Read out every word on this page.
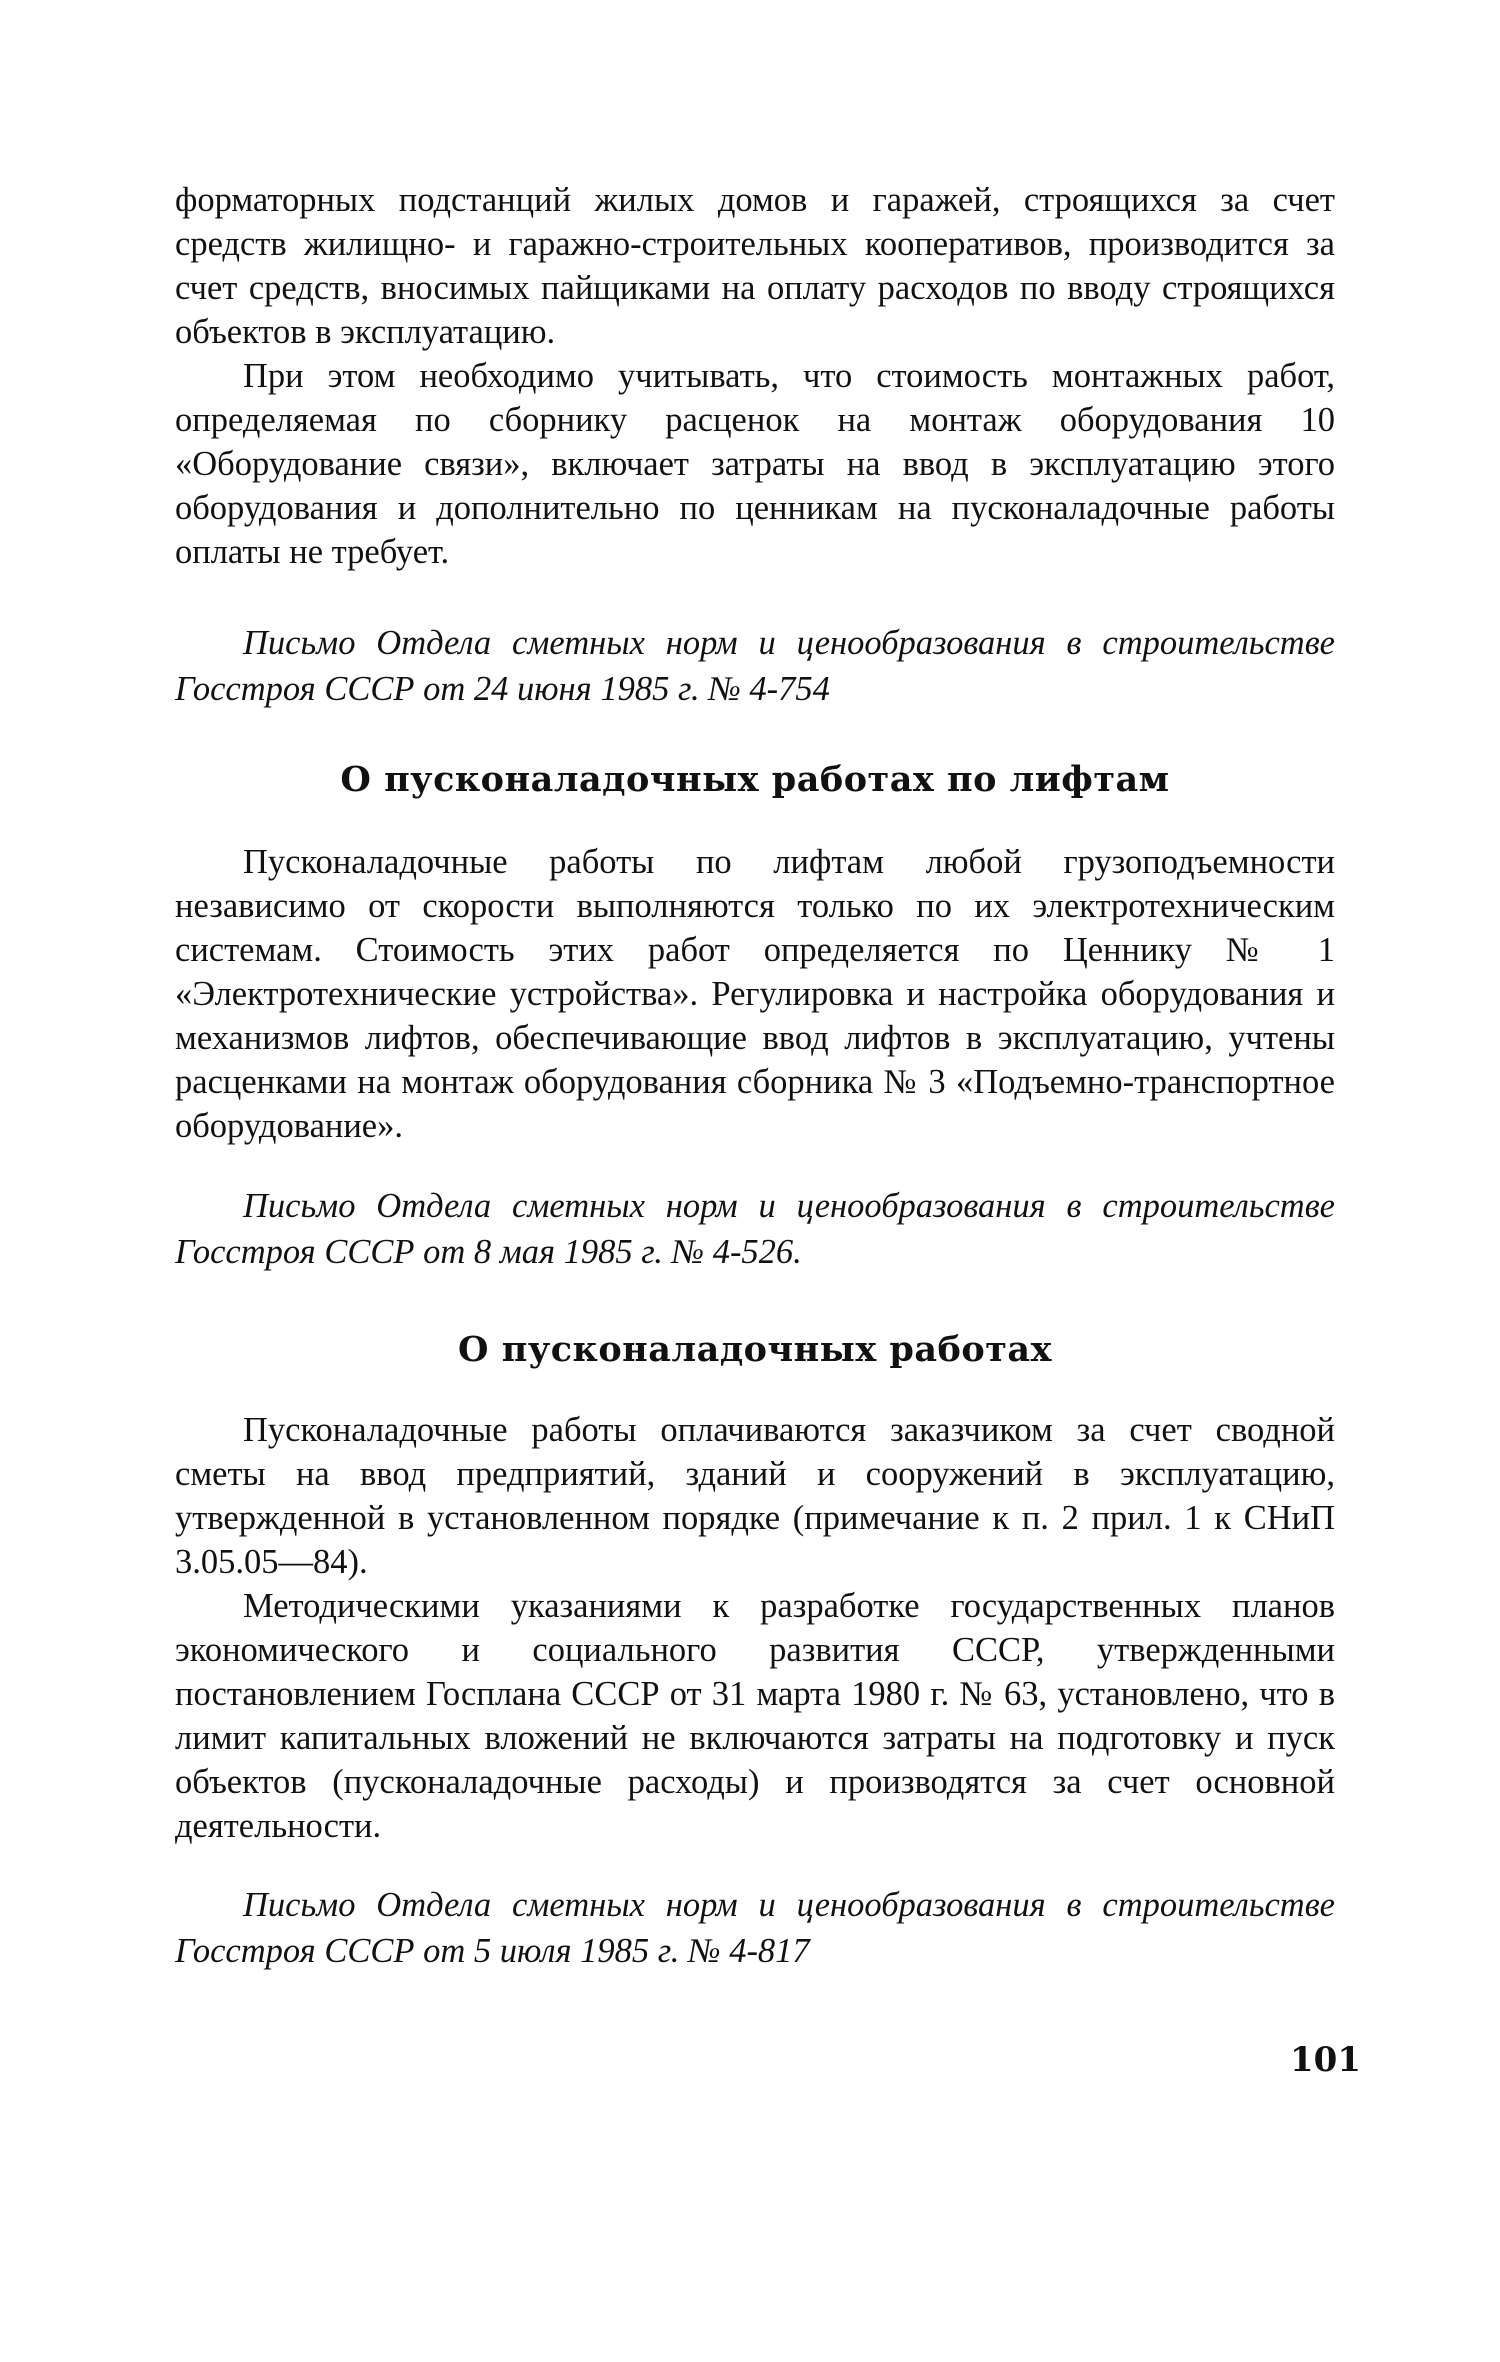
форматорных подстанций жилых домов и гаражей, строящихся за счет средств жилищно- и гаражно-строительных кооперативов, производится за счет средств, вносимых пайщиками на оплату расходов по вводу строящихся объектов в эксплуатацию.

При этом необходимо учитывать, что стоимость монтажных работ, определяемая по сборнику расценок на монтаж оборудования 10 «Оборудование связи», включает затраты на ввод в эксплуатацию этого оборудования и дополнительно по ценникам на пусконаладочные работы оплаты не требует.

Письмо Отдела сметных норм и ценообразования в строительстве Госстроя СССР от 24 июня 1985 г. № 4-754

О пусконаладочных работах по лифтам

Пусконаладочные работы по лифтам любой грузоподъемности независимо от скорости выполняются только по их электротехническим системам. Стоимость этих работ определяется по Ценнику № 1 «Электротехнические устройства». Регулировка и настройка оборудования и механизмов лифтов, обеспечивающие ввод лифтов в эксплуатацию, учтены расценками на монтаж оборудования сборника № 3 «Подъемно-транспортное оборудование».

Письмо Отдела сметных норм и ценообразования в строительстве Госстроя СССР от 8 мая 1985 г. № 4-526.

О пусконаладочных работах

Пусконаладочные работы оплачиваются заказчиком за счет сводной сметы на ввод предприятий, зданий и сооружений в эксплуатацию, утвержденной в установленном порядке (примечание к п. 2 прил. 1 к СНиП 3.05.05—84).

Методическими указаниями к разработке государственных планов экономического и социального развития СССР, утвержденными постановлением Госплана СССР от 31 марта 1980 г. № 63, установлено, что в лимит капитальных вложений не включаются затраты на подготовку и пуск объектов (пусконаладочные расходы) и производятся за счет основной деятельности.

Письмо Отдела сметных норм и ценообразования в строительстве Госстроя СССР от 5 июля 1985 г. № 4-817

101
